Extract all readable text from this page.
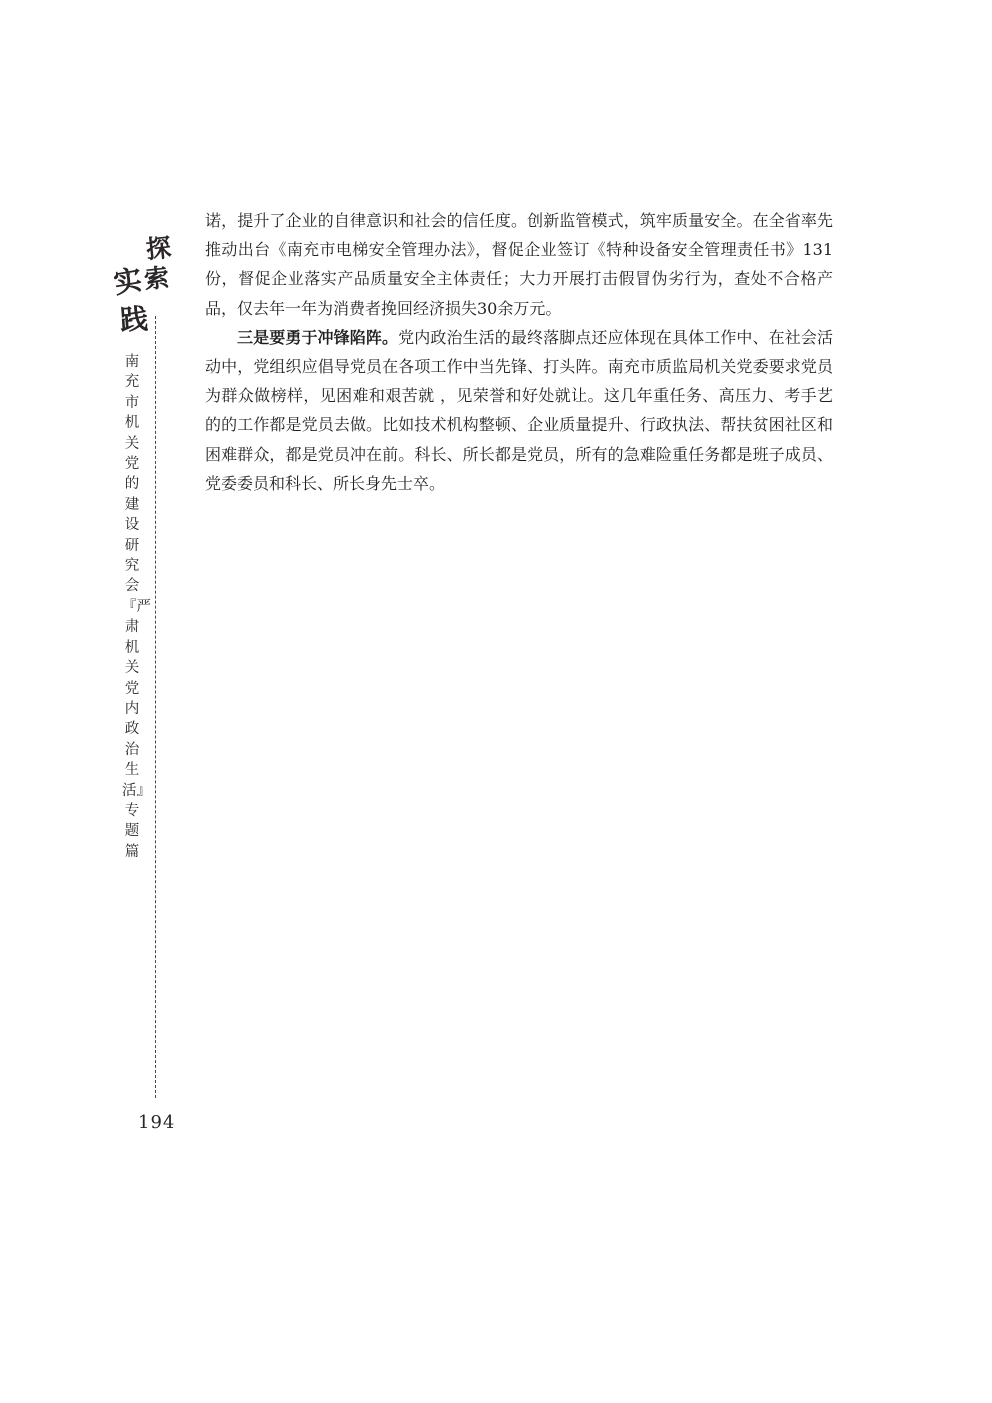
探
索
实
践
南充市机关党的建设研究会『严肃机关党内政治生活』专题篇
194

诺，提升了企业的自律意识和社会的信任度。创新监管模式，筑牢质量安全。在全省率先推动出台《南充市电梯安全管理办法》，督促企业签订《特种设备安全管理责任书》131份，督促企业落实产品质量安全主体责任；大力开展打击假冒伪劣行为，查处不合格产品，仅去年一年为消费者挽回经济损失30余万元。

三是要勇于冲锋陷阵。党内政治生活的最终落脚点还应体现在具体工作中、在社会活动中，党组织应倡导党员在各项工作中当先锋、打头阵。南充市质监局机关党委要求党员为群众做榜样，见困难和艰苦就 ，见荣誉和好处就让。这几年重任务、高压力、考手艺的的工作都是党员去做。比如技术机构整顿、企业质量提升、行政执法、帮扶贫困社区和困难群众，都是党员冲在前。科长、所长都是党员，所有的急难险重任务都是班子成员、党委委员和科长、所长身先士卒。
